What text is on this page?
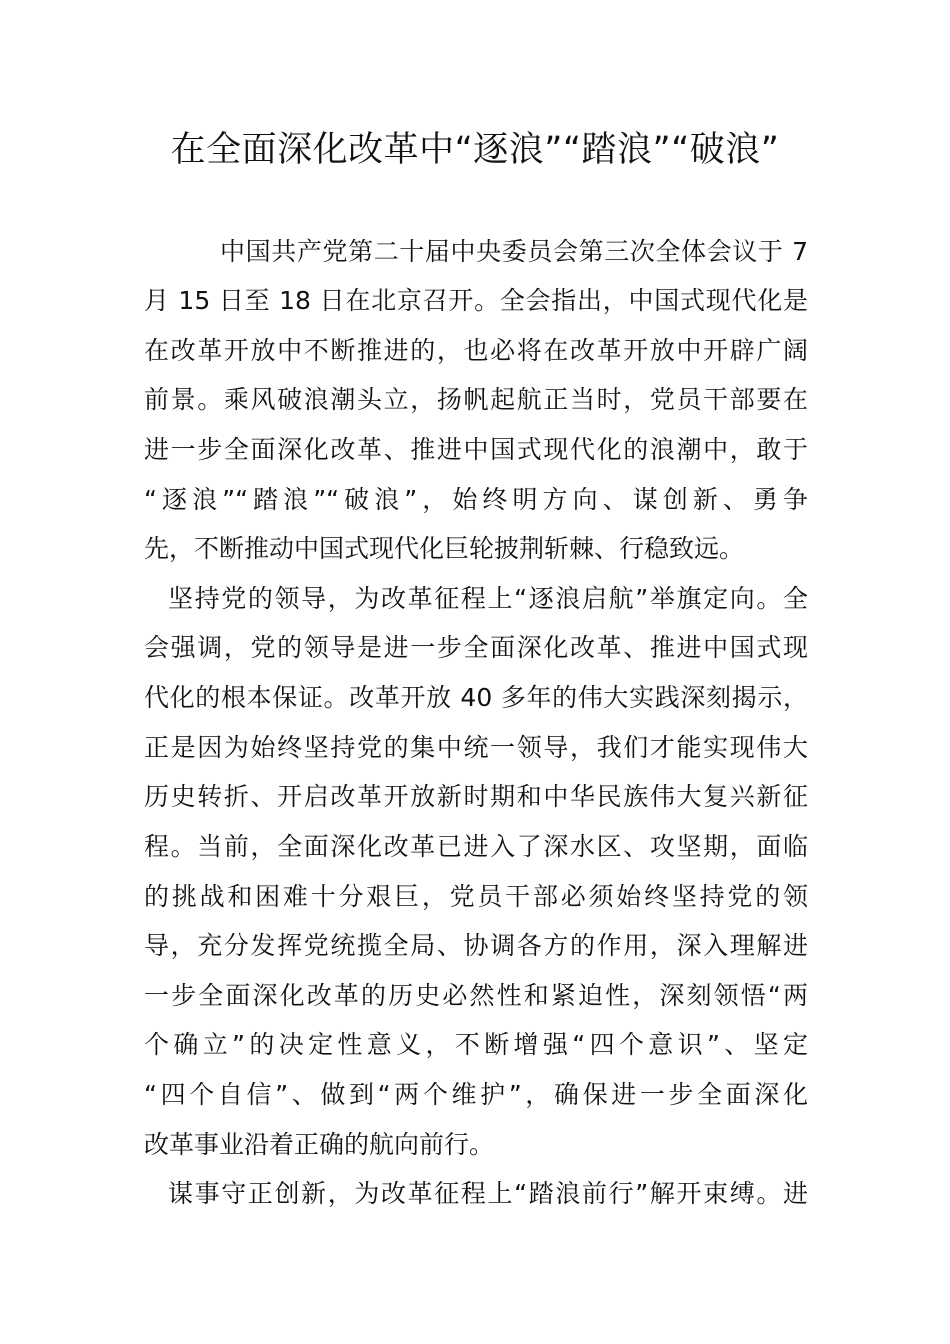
在全面深化改革中“逐浪”“踏浪”“破浪”
中国共产党第二十届中央委员会第三次全体会议于 7
月 15 日至 18 日在北京召开。全会指出，中国式现代化是
在改革开放中不断推进的，也必将在改革开放中开辟广阔
前景。乘风破浪潮头立，扬帆起航正当时，党员干部要在
进一步全面深化改革、推进中国式现代化的浪潮中，敢于
“逐浪”“踏浪”“破浪”，始终明方向、谋创新、勇争
先，不断推动中国式现代化巨轮披荆斩棘、行稳致远。
坚持党的领导，为改革征程上“逐浪启航”举旗定向。全
会强调，党的领导是进一步全面深化改革、推进中国式现
代化的根本保证。改革开放 40 多年的伟大实践深刻揭示，
正是因为始终坚持党的集中统一领导，我们才能实现伟大
历史转折、开启改革开放新时期和中华民族伟大复兴新征
程。当前，全面深化改革已进入了深水区、攻坚期，面临
的挑战和困难十分艰巨，党员干部必须始终坚持党的领
导，充分发挥党统揽全局、协调各方的作用，深入理解进
一步全面深化改革的历史必然性和紧迫性，深刻领悟“两
个确立”的决定性意义，不断增强“四个意识”、坚定
“四个自信”、做到“两个维护”，确保进一步全面深化
改革事业沿着正确的航向前行。
谋事守正创新，为改革征程上“踏浪前行”解开束缚。进
